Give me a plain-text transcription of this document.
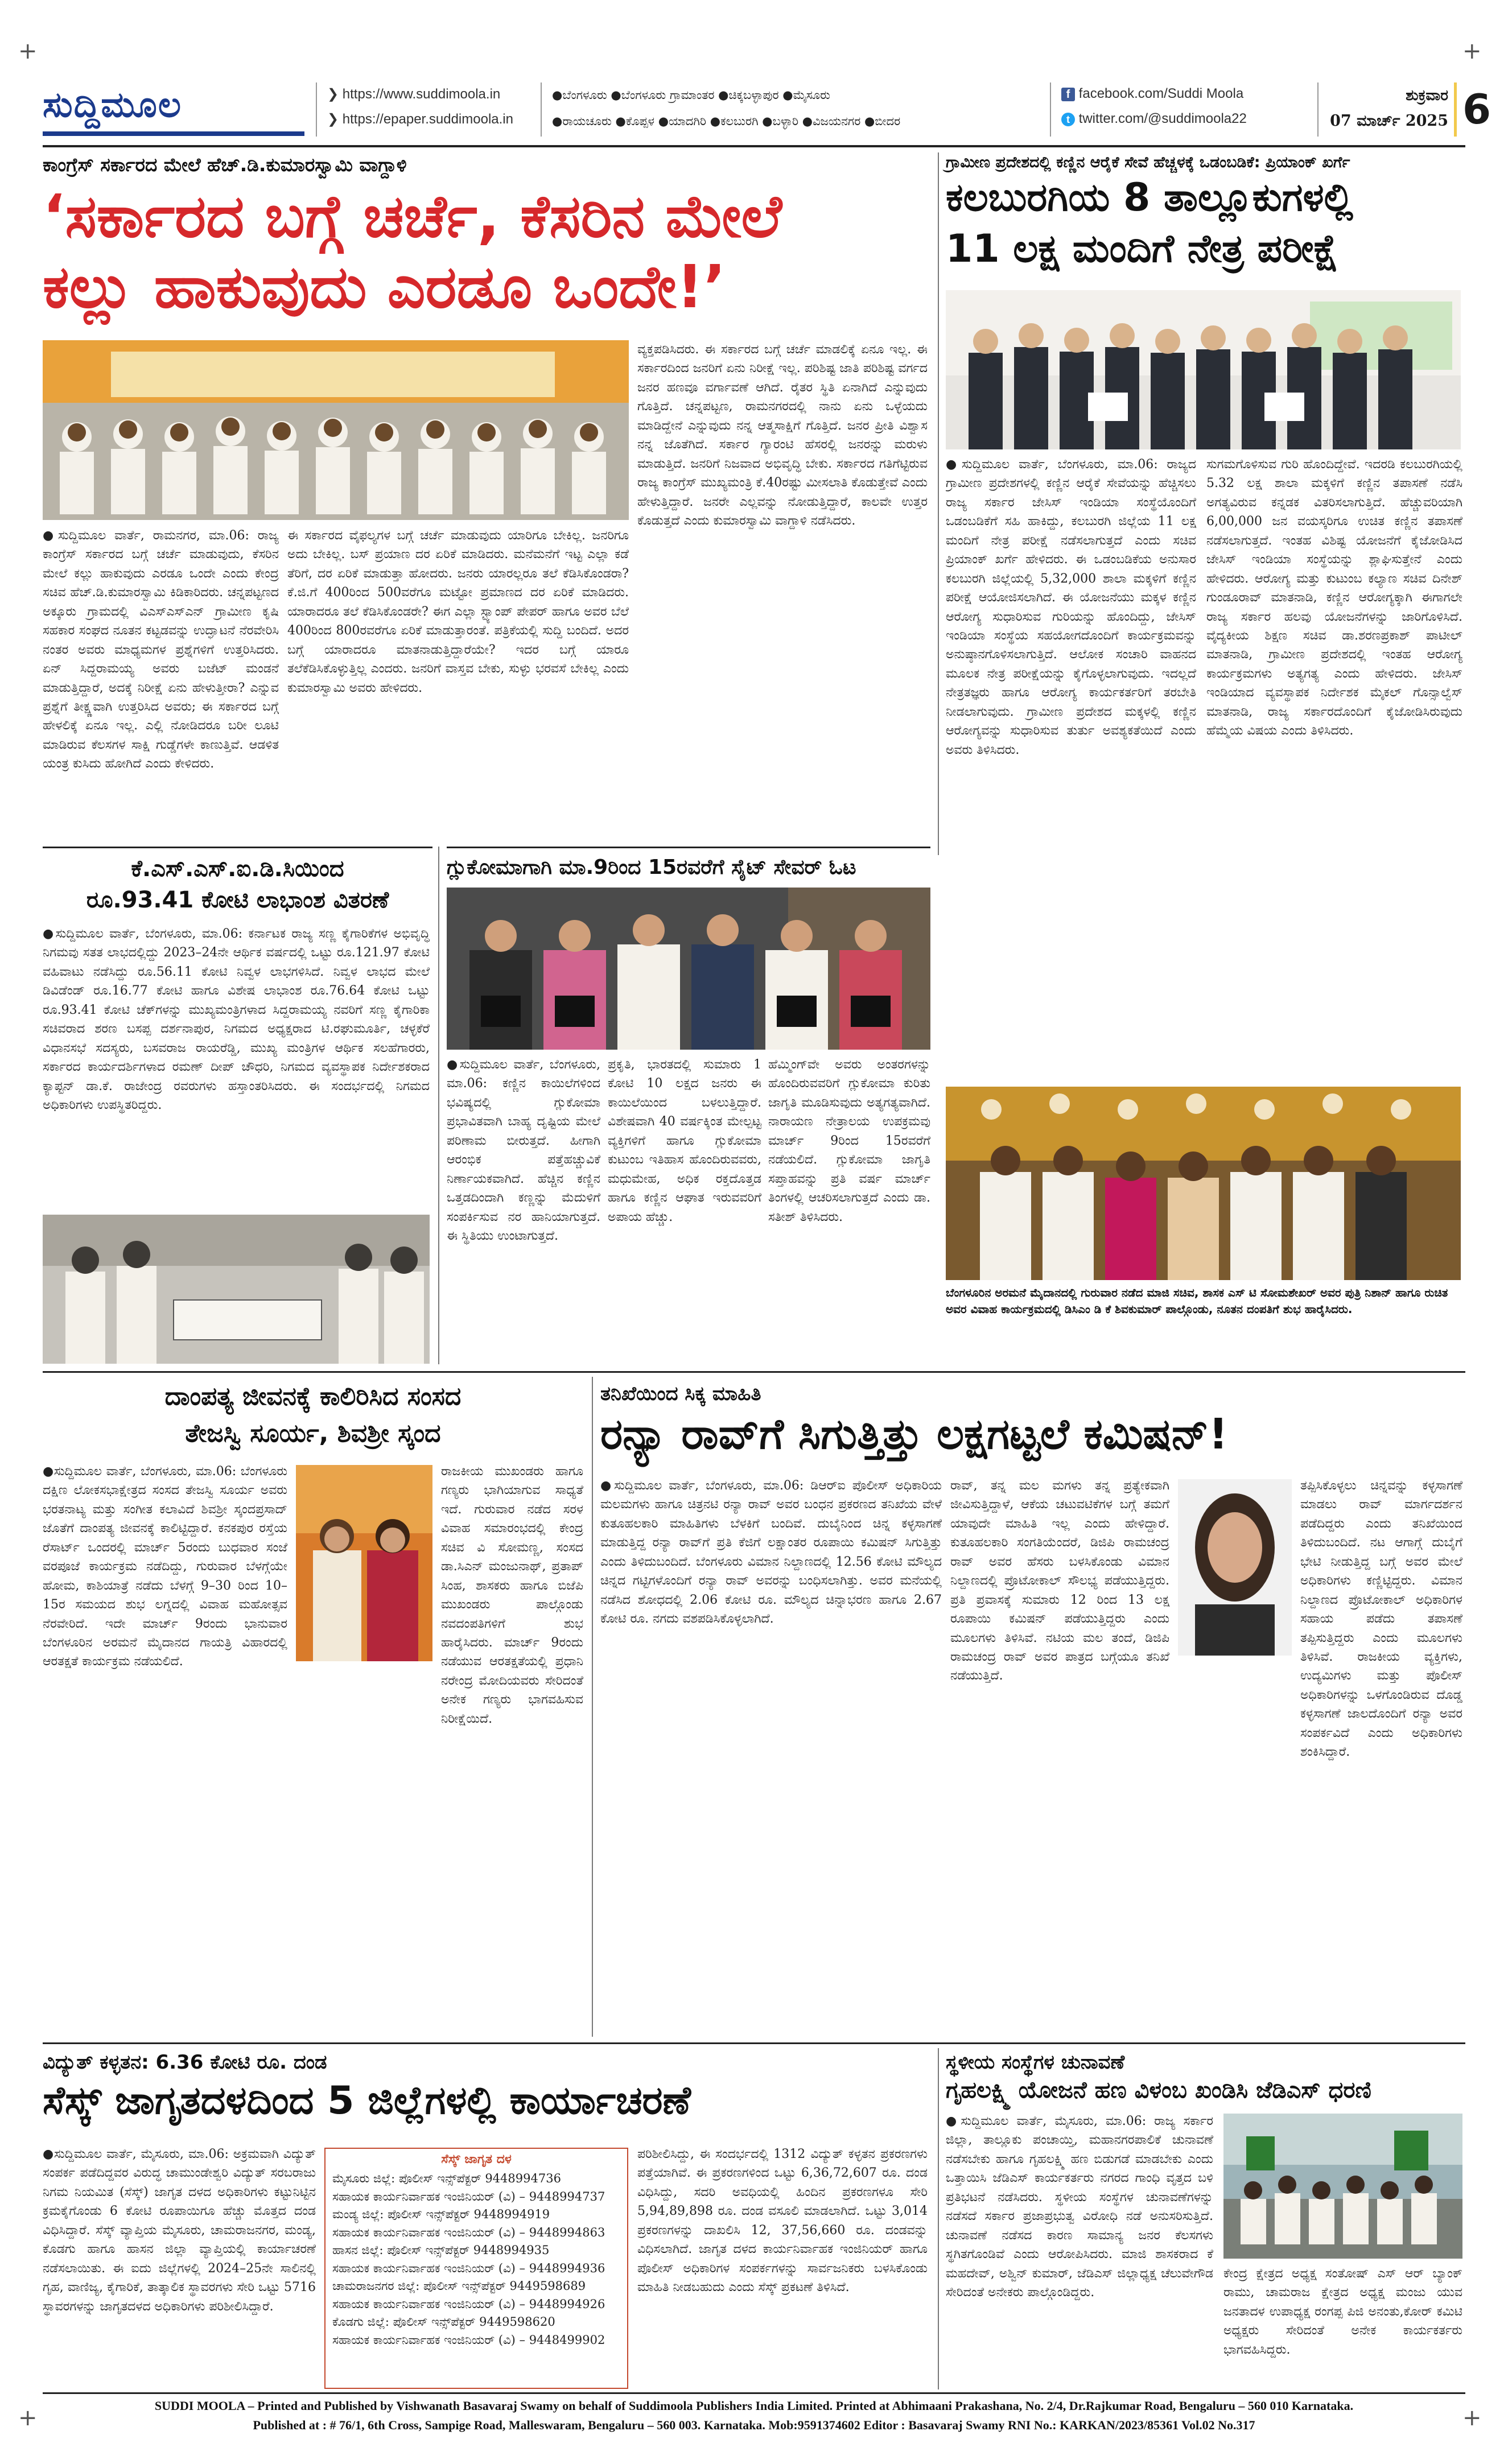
+	+
+	+
ಸುದ್ದಿಮೂಲ	❯ https://www.suddimoola.in
❯ https://epaper.suddimoola.in
●ಬೆಂಗಳೂರು ●ಬೆಂಗಳೂರು ಗ್ರಾಮಾಂತರ ●ಚಿಕ್ಕಬಳ್ಳಾಪುರ ●ಮೈಸೂರು
●ರಾಯಚೂರು ●ಕೊಪ್ಪಳ ●ಯಾದಗಿರಿ ●ಕಲಬುರಗಿ ●ಬಳ್ಳಾರಿ ●ವಿಜಯನಗರ ●ಬೀದರ
f facebook.com/Suddi Moola
t twitter.com/@suddimoola22
ಶುಕ್ರವಾರ
07 ಮಾರ್ಚ್ 2025 6
ಕಾಂಗ್ರೆಸ್ ಸರ್ಕಾರದ ಮೇಲೆ ಹೆಚ್.ಡಿ.ಕುಮಾರಸ್ವಾಮಿ ವಾಗ್ದಾಳಿ
‘ಸರ್ಕಾರದ ಬಗ್ಗೆ ಚರ್ಚೆ, ಕೆಸರಿನ ಮೇಲೆ
ಕಲ್ಲು ಹಾಕುವುದು ಎರಡೂ ಒಂದೇ!’
●ಸುದ್ದಿಮೂಲ ವಾರ್ತೆ, ರಾಮನಗರ, ಮಾ.06: ರಾಜ್ಯ ಕಾಂಗ್ರೆಸ್ ಸರ್ಕಾರದ ಬಗ್ಗೆ ಚರ್ಚೆ ಮಾಡುವುದು, ಕೆಸರಿನ ಮೇಲೆ ಕಲ್ಲು ಹಾಕುವುದು ಎರಡೂ ಒಂದೇ ಎಂದು ಕೇಂದ್ರ ಸಚಿವ ಹೆಚ್.ಡಿ.ಕುಮಾರಸ್ವಾಮಿ ಕಿಡಿಕಾರಿದರು. ಚನ್ನಪಟ್ಟಣದ ಅಕ್ಕೂರು ಗ್ರಾಮದಲ್ಲಿ ವಿಎಸ್‌ಎಸ್‌ಎನ್ ಗ್ರಾಮೀಣ ಕೃಷಿ ಸಹಕಾರ ಸಂಘದ ನೂತನ ಕಟ್ಟಡವನ್ನು ಉದ್ಘಾಟನೆ ನೆರವೇರಿಸಿ ನಂತರ ಅವರು ಮಾಧ್ಯಮಗಳ ಪ್ರಶ್ನೆಗಳಿಗೆ ಉತ್ತರಿಸಿದರು. ಏನ್ ಸಿದ್ದರಾಮಯ್ಯ ಅವರು ಬಜೆಟ್ ಮಂಡನೆ ಮಾಡುತ್ತಿದ್ದಾರೆ, ಅದಕ್ಕೆ ನಿರೀಕ್ಷೆ ಏನು ಹೇಳುತ್ತೀರಾ? ಎನ್ನುವ ಪ್ರಶ್ನೆಗೆ ತೀಕ್ಷ್ಣವಾಗಿ ಉತ್ತರಿಸಿದ ಅವರು; ಈ ಸರ್ಕಾರದ ಬಗ್ಗೆ ಹೇಳಲಿಕ್ಕೆ ಏನೂ ಇಲ್ಲ. ಎಲ್ಲಿ ನೋಡಿದರೂ ಬರೀ ಲೂಟಿ ಮಾಡಿರುವ ಕೆಲಸಗಳ ಸಾಕ್ಷಿ ಗುಡ್ಡೆಗಳೇ ಕಾಣುತ್ತಿವೆ. ಆಡಳಿತ ಯಂತ್ರ ಕುಸಿದು ಹೋಗಿದೆ ಎಂದು ಕೇಳಿದರು.
ಈ ಸರ್ಕಾರದ ವೈಫಲ್ಯಗಳ ಬಗ್ಗೆ ಚರ್ಚೆ ಮಾಡುವುದು ಯಾರಿಗೂ ಬೇಕಿಲ್ಲ. ಜನರಿಗೂ ಅದು ಬೇಕಿಲ್ಲ. ಬಸ್ ಪ್ರಯಾಣ ದರ ಏರಿಕೆ ಮಾಡಿದರು. ಮನೆಮನೆಗೆ ಇಟ್ಟ ಎಲ್ಲಾ ಕಡೆ ತೆರಿಗೆ, ದರ ಏರಿಕೆ ಮಾಡುತ್ತಾ ಹೋದರು. ಜನರು ಯಾರಲ್ಲರೂ ತಲೆ ಕೆಡಿಸಿಕೊಂಡರಾ? ಕೆ.ಜಿ.ಗೆ 400ರಿಂದ 500ವರೆಗೂ ಮಟ್ಟೋ ಪ್ರಮಾಣದ ದರ ಏರಿಕೆ ಮಾಡಿದರು. ಯಾರಾದರೂ ತಲೆ ಕೆಡಿಸಿಕೊಂಡರೇ? ಈಗ ಎಲ್ಲಾ ಸ್ಟ್ಯಾಂಪ್ ಪೇಪರ್ ಹಾಗೂ ಅವರ ಬೆಲೆ 400ರಿಂದ 800ರವರೆಗೂ ಏರಿಕೆ ಮಾಡುತ್ತಾರಂತೆ. ಪತ್ರಿಕೆಯಲ್ಲಿ ಸುದ್ದಿ ಬಂದಿದೆ. ಅದರ ಬಗ್ಗೆ ಯಾರಾದರೂ ಮಾತನಾಡುತ್ತಿದ್ದಾರೆಯೇ? ಇದರ ಬಗ್ಗೆ ಯಾರೂ ತಲೆಕೆಡಿಸಿಕೊಳ್ಳುತ್ತಿಲ್ಲ ಎಂದರು. ಜನರಿಗೆ ವಾಸ್ತವ ಬೇಕು, ಸುಳ್ಳು ಭರವಸೆ ಬೇಕಿಲ್ಲ ಎಂದು ಕುಮಾರಸ್ವಾಮಿ ಅವರು ಹೇಳಿದರು.
ವ್ಯಕ್ತಪಡಿಸಿದರು. ಈ ಸರ್ಕಾರದ ಬಗ್ಗೆ ಚರ್ಚೆ ಮಾಡಲಿಕ್ಕೆ ಏನೂ ಇಲ್ಲ. ಈ ಸರ್ಕಾರದಿಂದ ಜನರಿಗೆ ಏನು ನಿರೀಕ್ಷೆ ಇಲ್ಲ. ಪರಿಶಿಷ್ಟ ಜಾತಿ ಪರಿಶಿಷ್ಟ ವರ್ಗದ ಜನರ ಹಣವೂ ವರ್ಗಾವಣೆ ಆಗಿದೆ. ರೈತರ ಸ್ಥಿತಿ ಏನಾಗಿದೆ ಎನ್ನುವುದು ಗೊತ್ತಿದೆ. ಚನ್ನಪಟ್ಟಣ, ರಾಮನಗರದಲ್ಲಿ ನಾನು ಏನು ಒಳ್ಳೆಯದು ಮಾಡಿದ್ದೇನೆ ಎನ್ನುವುದು ನನ್ನ ಆತ್ಮಸಾಕ್ಷಿಗೆ ಗೊತ್ತಿದೆ. ಜನರ ಪ್ರೀತಿ ವಿಶ್ವಾಸ ನನ್ನ ಜೊತೆಗಿದೆ. ಸರ್ಕಾರ ಗ್ಯಾರಂಟಿ ಹೆಸರಲ್ಲಿ ಜನರನ್ನು ಮರುಳು ಮಾಡುತ್ತಿದೆ. ಜನರಿಗೆ ನಿಜವಾದ ಅಭಿವೃದ್ಧಿ ಬೇಕು. ಸರ್ಕಾರದ ಗತಿಗೆಟ್ಟಿರುವ ರಾಜ್ಯ ಕಾಂಗ್ರೆಸ್ ಮುಖ್ಯಮಂತ್ರಿ ಕೆ.40ರಷ್ಟು ಮೀಸಲಾತಿ ಕೊಡುತ್ತೇವೆ ಎಂದು ಹೇಳುತ್ತಿದ್ದಾರೆ. ಜನರೇ ಎಲ್ಲವನ್ನು ನೋಡುತ್ತಿದ್ದಾರೆ, ಕಾಲವೇ ಉತ್ತರ ಕೊಡುತ್ತದೆ ಎಂದು ಕುಮಾರಸ್ವಾಮಿ ವಾಗ್ದಾಳಿ ನಡೆಸಿದರು.
ಗ್ರಾಮೀಣ ಪ್ರದೇಶದಲ್ಲಿ ಕಣ್ಣಿನ ಆರೈಕೆ ಸೇವೆ ಹೆಚ್ಚಳಕ್ಕೆ ಒಡಂಬಡಿಕೆ: ಪ್ರಿಯಾಂಕ್ ಖರ್ಗೆ
ಕಲಬುರಗಿಯ 8 ತಾಲ್ಲೂಕುಗಳಲ್ಲಿ
11 ಲಕ್ಷ ಮಂದಿಗೆ ನೇತ್ರ ಪರೀಕ್ಷೆ
●ಸುದ್ದಿಮೂಲ ವಾರ್ತೆ, ಬೆಂಗಳೂರು, ಮಾ.06: ರಾಜ್ಯದ ಗ್ರಾಮೀಣ ಪ್ರದೇಶಗಳಲ್ಲಿ ಕಣ್ಣಿನ ಆರೈಕೆ ಸೇವೆಯನ್ನು ಹೆಚ್ಚಿಸಲು ರಾಜ್ಯ ಸರ್ಕಾರ ಜೇಸಿಸ್ ಇಂಡಿಯಾ ಸಂಸ್ಥೆಯೊಂದಿಗೆ ಒಡಂಬಡಿಕೆಗೆ ಸಹಿ ಹಾಕಿದ್ದು, ಕಲಬುರಗಿ ಜಿಲ್ಲೆಯ 11 ಲಕ್ಷ ಮಂದಿಗೆ ನೇತ್ರ ಪರೀಕ್ಷೆ ನಡೆಸಲಾಗುತ್ತದೆ ಎಂದು ಸಚಿವ ಪ್ರಿಯಾಂಕ್ ಖರ್ಗೆ ಹೇಳಿದರು. ಈ ಒಡಂಬಡಿಕೆಯ ಅನುಸಾರ ಕಲಬುರಗಿ ಜಿಲ್ಲೆಯಲ್ಲಿ 5,32,000 ಶಾಲಾ ಮಕ್ಕಳಿಗೆ ಕಣ್ಣಿನ ಪರೀಕ್ಷೆ ಆಯೋಜಿಸಲಾಗಿದೆ. ಈ ಯೋಜನೆಯು ಮಕ್ಕಳ ಕಣ್ಣಿನ ಆರೋಗ್ಯ ಸುಧಾರಿಸುವ ಗುರಿಯನ್ನು ಹೊಂದಿದ್ದು, ಜೇಸಿಸ್ ಇಂಡಿಯಾ ಸಂಸ್ಥೆಯ ಸಹಯೋಗದೊಂದಿಗೆ ಕಾರ್ಯಕ್ರಮವನ್ನು ಅನುಷ್ಠಾನಗೊಳಿಸಲಾಗುತ್ತಿದೆ. ಆಲೋಕ ಸಂಚಾರಿ ವಾಹನದ ಮೂಲಕ ನೇತ್ರ ಪರೀಕ್ಷೆಯನ್ನು ಕೈಗೊಳ್ಳಲಾಗುವುದು. ಇದಲ್ಲದೆ ನೇತ್ರತಜ್ಞರು ಹಾಗೂ ಆರೋಗ್ಯ ಕಾರ್ಯಕರ್ತರಿಗೆ ತರಬೇತಿ ನೀಡಲಾಗುವುದು. ಗ್ರಾಮೀಣ ಪ್ರದೇಶದ ಮಕ್ಕಳಲ್ಲಿ ಕಣ್ಣಿನ ಆರೋಗ್ಯವನ್ನು ಸುಧಾರಿಸುವ ತುರ್ತು ಅವಶ್ಯಕತೆಯಿದೆ ಎಂದು ಅವರು ತಿಳಿಸಿದರು.
ಸುಗಮಗೊಳಿಸುವ ಗುರಿ ಹೊಂದಿದ್ದೇವೆ. ಇದರಡಿ ಕಲಬುರಗಿಯಲ್ಲಿ 5.32 ಲಕ್ಷ ಶಾಲಾ ಮಕ್ಕಳಿಗೆ ಕಣ್ಣಿನ ತಪಾಸಣೆ ನಡೆಸಿ ಅಗತ್ಯವಿರುವ ಕನ್ನಡಕ ವಿತರಿಸಲಾಗುತ್ತಿದೆ. ಹೆಚ್ಚುವರಿಯಾಗಿ 6,00,000 ಜನ ವಯಸ್ಕರಿಗೂ ಉಚಿತ ಕಣ್ಣಿನ ತಪಾಸಣೆ ನಡೆಸಲಾಗುತ್ತದೆ. ಇಂತಹ ವಿಶಿಷ್ಟ ಯೋಜನೆಗೆ ಕೈಜೋಡಿಸಿದ ಜೇಸಿಸ್ ಇಂಡಿಯಾ ಸಂಸ್ಥೆಯನ್ನು ಶ್ಲಾಘಿಸುತ್ತೇನೆ ಎಂದು ಹೇಳಿದರು. ಆರೋಗ್ಯ ಮತ್ತು ಕುಟುಂಬ ಕಲ್ಯಾಣ ಸಚಿವ ದಿನೇಶ್ ಗುಂಡೂರಾವ್ ಮಾತನಾಡಿ, ಕಣ್ಣಿನ ಆರೋಗ್ಯಕ್ಕಾಗಿ ಈಗಾಗಲೇ ರಾಜ್ಯ ಸರ್ಕಾರ ಹಲವು ಯೋಜನೆಗಳನ್ನು ಜಾರಿಗೊಳಿಸಿದೆ. ವೈದ್ಯಕೀಯ ಶಿಕ್ಷಣ ಸಚಿವ ಡಾ.ಶರಣಪ್ರಕಾಶ್ ಪಾಟೀಲ್ ಮಾತನಾಡಿ, ಗ್ರಾಮೀಣ ಪ್ರದೇಶದಲ್ಲಿ ಇಂತಹ ಆರೋಗ್ಯ ಕಾರ್ಯಕ್ರಮಗಳು ಅತ್ಯಗತ್ಯ ಎಂದು ಹೇಳಿದರು. ಜೇಸಿಸ್ ಇಂಡಿಯಾದ ವ್ಯವಸ್ಥಾಪಕ ನಿರ್ದೇಶಕ ಮೈಕಲ್ ಗೊನ್ಸಾಲ್ವೆಸ್ ಮಾತನಾಡಿ, ರಾಜ್ಯ ಸರ್ಕಾರದೊಂದಿಗೆ ಕೈಜೋಡಿಸಿರುವುದು ಹೆಮ್ಮೆಯ ವಿಷಯ ಎಂದು ತಿಳಿಸಿದರು.
ಬೆಂಗಳೂರಿನ ಅರಮನೆ ಮೈದಾನದಲ್ಲಿ ಗುರುವಾರ ನಡೆದ ಮಾಜಿ ಸಚಿವ, ಶಾಸಕ ಎಸ್ ಟಿ ಸೋಮಶೇಖರ್ ಅವರ ಪುತ್ರಿ ನಿಶಾನ್ ಹಾಗೂ ರುಚಿತ ಅವರ ವಿವಾಹ ಕಾರ್ಯಕ್ರಮದಲ್ಲಿ ಡಿಸಿಎಂ ಡಿ ಕೆ ಶಿವಕುಮಾರ್ ಪಾಲ್ಗೊಂಡು, ನೂತನ ದಂಪತಿಗೆ ಶುಭ ಹಾರೈಸಿದರು.
ಕೆ.ಎಸ್.ಎಸ್.ಐ.ಡಿ.ಸಿಯಿಂದ
ರೂ.93.41 ಕೋಟಿ ಲಾಭಾಂಶ ವಿತರಣೆ
●ಸುದ್ದಿಮೂಲ ವಾರ್ತೆ, ಬೆಂಗಳೂರು, ಮಾ.06: ಕರ್ನಾಟಕ ರಾಜ್ಯ ಸಣ್ಣ ಕೈಗಾರಿಕೆಗಳ ಅಭಿವೃದ್ಧಿ ನಿಗಮವು ಸತತ ಲಾಭದಲ್ಲಿದ್ದು 2023–24ನೇ ಆರ್ಥಿಕ ವರ್ಷದಲ್ಲಿ ಒಟ್ಟು ರೂ.121.97 ಕೋಟಿ ವಹಿವಾಟು ನಡೆಸಿದ್ದು ರೂ.56.11 ಕೋಟಿ ನಿವ್ವಳ ಲಾಭಗಳಿಸಿದೆ. ನಿವ್ವಳ ಲಾಭದ ಮೇಲೆ ಡಿವಿಡೆಂಡ್ ರೂ.16.77 ಕೋಟಿ ಹಾಗೂ ವಿಶೇಷ ಲಾಭಾಂಶ ರೂ.76.64 ಕೋಟಿ ಒಟ್ಟು ರೂ.93.41 ಕೋಟಿ ಚೆಕ್‌ಗಳನ್ನು ಮುಖ್ಯಮಂತ್ರಿಗಳಾದ ಸಿದ್ದರಾಮಯ್ಯ ನವರಿಗೆ ಸಣ್ಣ ಕೈಗಾರಿಕಾ ಸಚಿವರಾದ ಶರಣ ಬಸಪ್ಪ ದರ್ಶನಾಪುರ, ನಿಗಮದ ಅಧ್ಯಕ್ಷರಾದ ಟಿ.ರಘುಮೂರ್ತಿ, ಚಳ್ಳಕೆರೆ ವಿಧಾನಸಭೆ ಸದಸ್ಯರು, ಬಸವರಾಜ ರಾಯರೆಡ್ಡಿ, ಮುಖ್ಯ ಮಂತ್ರಿಗಳ ಆರ್ಥಿಕ ಸಲಹೆಗಾರರು, ಸರ್ಕಾರದ ಕಾರ್ಯದರ್ಶಿಗಳಾದ ರಮಣ್ ದೀಪ್ ಚೌಧರಿ, ನಿಗಮದ ವ್ಯವಸ್ಥಾಪಕ ನಿರ್ದೇಶಕರಾದ ಕ್ಯಾಪ್ಟನ್ ಡಾ.ಕೆ. ರಾಜೇಂದ್ರ ರವರುಗಳು ಹಸ್ತಾಂತರಿಸಿದರು. ಈ ಸಂದರ್ಭದಲ್ಲಿ ನಿಗಮದ ಅಧಿಕಾರಿಗಳು ಉಪಸ್ಥಿತರಿದ್ದರು.
ಗ್ಲುಕೋಮಾಗಾಗಿ ಮಾ.9ರಿಂದ 15ರವರೆಗೆ ಸೈಟ್ ಸೇವರ್ ಓಟ
●ಸುದ್ದಿಮೂಲ ವಾರ್ತೆ, ಬೆಂಗಳೂರು, ಮಾ.06: ಕಣ್ಣಿನ ಕಾಯಿಲೆಗಳಿಂದ ಭವಿಷ್ಯದಲ್ಲಿ ಗ್ಲುಕೋಮಾ ಪ್ರಭಾವಿತವಾಗಿ ಬಾಹ್ಯ ದೃಷ್ಟಿಯ ಮೇಲೆ ಪರಿಣಾಮ ಬೀರುತ್ತದೆ. ಹೀಗಾಗಿ ಆರಂಭಿಕ ಪತ್ತೆಹಚ್ಚುವಿಕೆ ನಿರ್ಣಾಯಕವಾಗಿದೆ. ಹೆಚ್ಚಿನ ಕಣ್ಣಿನ ಒತ್ತಡದಿಂದಾಗಿ ಕಣ್ಣನ್ನು ಮೆದುಳಿಗೆ ಸಂಪರ್ಕಿಸುವ ನರ ಹಾನಿಯಾಗುತ್ತದೆ. ಈ ಸ್ಥಿತಿಯು ಉಂಟಾಗುತ್ತದೆ.
ಪ್ರಕೃತಿ, ಭಾರತದಲ್ಲಿ ಸುಮಾರು 1 ಕೋಟಿ 10 ಲಕ್ಷದ ಜನರು ಈ ಕಾಯಿಲೆಯಿಂದ ಬಳಲುತ್ತಿದ್ದಾರೆ. ವಿಶೇಷವಾಗಿ 40 ವರ್ಷಕ್ಕಿಂತ ಮೇಲ್ಪಟ್ಟ ವ್ಯಕ್ತಿಗಳಿಗೆ ಹಾಗೂ ಗ್ಲುಕೋಮಾ ಕುಟುಂಬ ಇತಿಹಾಸ ಹೊಂದಿರುವವರು, ಮಧುಮೇಹ, ಅಧಿಕ ರಕ್ತದೊತ್ತಡ ಹಾಗೂ ಕಣ್ಣಿನ ಆಘಾತ ಇರುವವರಿಗೆ ಅಪಾಯ ಹೆಚ್ಚು.
ಹೆಮ್ಮಿಂಗ್‌ವೇ ಅವರು ಅಂತರಗಳನ್ನು ಹೊಂದಿರುವವರಿಗೆ ಗ್ಲುಕೋಮಾ ಕುರಿತು ಜಾಗೃತಿ ಮೂಡಿಸುವುದು ಅತ್ಯಗತ್ಯವಾಗಿದೆ. ನಾರಾಯಣ ನೇತ್ರಾಲಯ ಉಪಕ್ರಮವು ಮಾರ್ಚ್ 9ರಿಂದ 15ರವರೆಗೆ ನಡೆಯಲಿದೆ. ಗ್ಲುಕೋಮಾ ಜಾಗೃತಿ ಸಪ್ತಾಹವನ್ನು ಪ್ರತಿ ವರ್ಷ ಮಾರ್ಚ್ ತಿಂಗಳಲ್ಲಿ ಆಚರಿಸಲಾಗುತ್ತದೆ ಎಂದು ಡಾ. ಸತೀಶ್ ತಿಳಿಸಿದರು.
ದಾಂಪತ್ಯ ಜೀವನಕ್ಕೆ ಕಾಲಿರಿಸಿದ ಸಂಸದ
ತೇಜಸ್ವಿ ಸೂರ್ಯ, ಶಿವಶ್ರೀ ಸ್ಕಂದ
●ಸುದ್ದಿಮೂಲ ವಾರ್ತೆ, ಬೆಂಗಳೂರು, ಮಾ.06: ಬೆಂಗಳೂರು ದಕ್ಷಿಣ ಲೋಕಸಭಾಕ್ಷೇತ್ರದ ಸಂಸದ ತೇಜಸ್ವಿ ಸೂರ್ಯ ಅವರು ಭರತನಾಟ್ಯ ಮತ್ತು ಸಂಗೀತ ಕಲಾವಿದೆ ಶಿವಶ್ರೀ ಸ್ಕಂದಪ್ರಸಾದ್ ಜೊತೆಗೆ ದಾಂಪತ್ಯ ಜೀವನಕ್ಕೆ ಕಾಲಿಟ್ಟಿದ್ದಾರೆ. ಕನಕಪುರ ರಸ್ತೆಯ ರೆಸಾರ್ಟ್ ಒಂದರಲ್ಲಿ ಮಾರ್ಚ್ 5ರಂದು ಬುಧವಾರ ಸಂಜೆ ವರಪೂಜೆ ಕಾರ್ಯಕ್ರಮ ನಡೆದಿದ್ದು, ಗುರುವಾರ ಬೆಳಗ್ಗೆಯೇ ಹೋಮ, ಕಾಶಿಯಾತ್ರೆ ನಡೆದು ಬೆಳಗ್ಗೆ 9–30 ರಿಂದ 10–15ರ ಸಮಯದ ಶುಭ ಲಗ್ನದಲ್ಲಿ ವಿವಾಹ ಮಹೋತ್ಸವ ನೆರವೇರಿದೆ. ಇದೇ ಮಾರ್ಚ್ 9ರಂದು ಭಾನುವಾರ ಬೆಂಗಳೂರಿನ ಅರಮನೆ ಮೈದಾನದ ಗಾಯತ್ರಿ ವಿಹಾರದಲ್ಲಿ ಆರತಕ್ಷತೆ ಕಾರ್ಯಕ್ರಮ ನಡೆಯಲಿದೆ.
ರಾಜಕೀಯ ಮುಖಂಡರು ಹಾಗೂ ಗಣ್ಯರು ಭಾಗಿಯಾಗುವ ಸಾಧ್ಯತೆ ಇದೆ. ಗುರುವಾರ ನಡೆದ ಸರಳ ವಿವಾಹ ಸಮಾರಂಭದಲ್ಲಿ ಕೇಂದ್ರ ಸಚಿವ ವಿ ಸೋಮಣ್ಣ, ಸಂಸದ ಡಾ.ಸಿಎನ್ ಮಂಜುನಾಥ್, ಪ್ರತಾಪ್ ಸಿಂಹ, ಶಾಸಕರು ಹಾಗೂ ಬಿಜೆಪಿ ಮುಖಂಡರು ಪಾಲ್ಗೊಂಡು ನವದಂಪತಿಗಳಿಗೆ ಶುಭ ಹಾರೈಸಿದರು. ಮಾರ್ಚ್ 9ರಂದು ನಡೆಯುವ ಆರತಕ್ಷತೆಯಲ್ಲಿ ಪ್ರಧಾನಿ ನರೇಂದ್ರ ಮೋದಿಯವರು ಸೇರಿದಂತೆ ಅನೇಕ ಗಣ್ಯರು ಭಾಗವಹಿಸುವ ನಿರೀಕ್ಷೆಯಿದೆ.
ತನಿಖೆಯಿಂದ ಸಿಕ್ಕ ಮಾಹಿತಿ
ರನ್ಯಾ ರಾವ್‌ಗೆ ಸಿಗುತ್ತಿತ್ತು ಲಕ್ಷಗಟ್ಟಲೆ ಕಮಿಷನ್!
●ಸುದ್ದಿಮೂಲ ವಾರ್ತೆ, ಬೆಂಗಳೂರು, ಮಾ.06: ಡಿಆರ್‌ಐ ಪೊಲೀಸ್ ಅಧಿಕಾರಿಯ ಮಲಮಗಳು ಹಾಗೂ ಚಿತ್ರನಟಿ ರನ್ಯಾ ರಾವ್ ಅವರ ಬಂಧನ ಪ್ರಕರಣದ ತನಿಖೆಯ ವೇಳೆ ಕುತೂಹಲಕಾರಿ ಮಾಹಿತಿಗಳು ಬೆಳಕಿಗೆ ಬಂದಿವೆ. ದುಬೈನಿಂದ ಚಿನ್ನ ಕಳ್ಳಸಾಗಣೆ ಮಾಡುತ್ತಿದ್ದ ರನ್ಯಾ ರಾವ್‌ಗೆ ಪ್ರತಿ ಕೆಜಿಗೆ ಲಕ್ಷಾಂತರ ರೂಪಾಯಿ ಕಮಿಷನ್ ಸಿಗುತ್ತಿತ್ತು ಎಂದು ತಿಳಿದುಬಂದಿದೆ. ಬೆಂಗಳೂರು ವಿಮಾನ ನಿಲ್ದಾಣದಲ್ಲಿ 12.56 ಕೋಟಿ ಮೌಲ್ಯದ ಚಿನ್ನದ ಗಟ್ಟಿಗಳೊಂದಿಗೆ ರನ್ಯಾ ರಾವ್ ಅವರನ್ನು ಬಂಧಿಸಲಾಗಿತ್ತು. ಅವರ ಮನೆಯಲ್ಲಿ ನಡೆಸಿದ ಶೋಧದಲ್ಲಿ 2.06 ಕೋಟಿ ರೂ. ಮೌಲ್ಯದ ಚಿನ್ನಾಭರಣ ಹಾಗೂ 2.67 ಕೋಟಿ ರೂ. ನಗದು ವಶಪಡಿಸಿಕೊಳ್ಳಲಾಗಿದೆ.
ರಾವ್, ತನ್ನ ಮಲ ಮಗಳು ತನ್ನ ಪ್ರತ್ಯೇಕವಾಗಿ ಜೀವಿಸುತ್ತಿದ್ದಾಳೆ, ಆಕೆಯ ಚಟುವಟಿಕೆಗಳ ಬಗ್ಗೆ ತಮಗೆ ಯಾವುದೇ ಮಾಹಿತಿ ಇಲ್ಲ ಎಂದು ಹೇಳಿದ್ದಾರೆ. ಕುತೂಹಲಕಾರಿ ಸಂಗತಿಯೆಂದರೆ, ಡಿಜಿಪಿ ರಾಮಚಂದ್ರ ರಾವ್ ಅವರ ಹೆಸರು ಬಳಸಿಕೊಂಡು ವಿಮಾನ ನಿಲ್ದಾಣದಲ್ಲಿ ಪ್ರೊಟೋಕಾಲ್ ಸೌಲಭ್ಯ ಪಡೆಯುತ್ತಿದ್ದರು. ಪ್ರತಿ ಪ್ರವಾಸಕ್ಕೆ ಸುಮಾರು 12 ರಿಂದ 13 ಲಕ್ಷ ರೂಪಾಯಿ ಕಮಿಷನ್ ಪಡೆಯುತ್ತಿದ್ದರು ಎಂದು ಮೂಲಗಳು ತಿಳಿಸಿವೆ. ನಟಿಯ ಮಲ ತಂದೆ, ಡಿಜಿಪಿ ರಾಮಚಂದ್ರ ರಾವ್ ಅವರ ಪಾತ್ರದ ಬಗ್ಗೆಯೂ ತನಿಖೆ ನಡೆಯುತ್ತಿದೆ.
ತಪ್ಪಿಸಿಕೊಳ್ಳಲು ಚಿನ್ನವನ್ನು ಕಳ್ಳಸಾಗಣೆ ಮಾಡಲು ರಾವ್ ಮಾರ್ಗದರ್ಶನ ಪಡೆದಿದ್ದರು ಎಂದು ತನಿಖೆಯಿಂದ ತಿಳಿದುಬಂದಿದೆ. ನಟ ಆಗಾಗ್ಗೆ ದುಬೈಗೆ ಭೇಟಿ ನೀಡುತ್ತಿದ್ದ ಬಗ್ಗೆ ಅವರ ಮೇಲೆ ಅಧಿಕಾರಿಗಳು ಕಣ್ಣಿಟ್ಟಿದ್ದರು. ವಿಮಾನ ನಿಲ್ದಾಣದ ಪ್ರೊಟೋಕಾಲ್ ಅಧಿಕಾರಿಗಳ ಸಹಾಯ ಪಡೆದು ತಪಾಸಣೆ ತಪ್ಪಿಸುತ್ತಿದ್ದರು ಎಂದು ಮೂಲಗಳು ತಿಳಿಸಿವೆ. ರಾಜಕೀಯ ವ್ಯಕ್ತಿಗಳು, ಉದ್ಯಮಿಗಳು ಮತ್ತು ಪೊಲೀಸ್ ಅಧಿಕಾರಿಗಳನ್ನು ಒಳಗೊಂಡಿರುವ ದೊಡ್ಡ ಕಳ್ಳಸಾಗಣೆ ಜಾಲದೊಂದಿಗೆ ರನ್ಯಾ ಅವರ ಸಂಪರ್ಕವಿದೆ ಎಂದು ಅಧಿಕಾರಿಗಳು ಶಂಕಿಸಿದ್ದಾರೆ.
ವಿದ್ಯುತ್ ಕಳ್ಳತನ: 6.36 ಕೋಟಿ ರೂ. ದಂಡ
ಸೆಸ್ಕ್ ಜಾಗೃತದಳದಿಂದ 5 ಜಿಲ್ಲೆಗಳಲ್ಲಿ ಕಾರ್ಯಾಚರಣೆ
●ಸುದ್ದಿಮೂಲ ವಾರ್ತೆ, ಮೈಸೂರು, ಮಾ.06: ಅಕ್ರಮವಾಗಿ ವಿದ್ಯುತ್ ಸಂಪರ್ಕ ಪಡೆದಿದ್ದವರ ವಿರುದ್ಧ ಚಾಮುಂಡೇಶ್ವರಿ ವಿದ್ಯುತ್ ಸರಬರಾಜು ನಿಗಮ ನಿಯಮಿತ (ಸೆಸ್ಕ್) ಜಾಗೃತ ದಳದ ಅಧಿಕಾರಿಗಳು ಕಟ್ಟುನಿಟ್ಟಿನ ಕ್ರಮಕೈಗೊಂಡು 6 ಕೋಟಿ ರೂಪಾಯಿಗೂ ಹೆಚ್ಚು ಮೊತ್ತದ ದಂಡ ವಿಧಿಸಿದ್ದಾರೆ. ಸೆಸ್ಕ್ ವ್ಯಾಪ್ತಿಯ ಮೈಸೂರು, ಚಾಮರಾಜನಗರ, ಮಂಡ್ಯ, ಕೊಡಗು ಹಾಗೂ ಹಾಸನ ಜಿಲ್ಲಾ ವ್ಯಾಪ್ತಿಯಲ್ಲಿ ಕಾರ್ಯಾಚರಣೆ ನಡೆಸಲಾಯಿತು. ಈ ಐದು ಜಿಲ್ಲೆಗಳಲ್ಲಿ 2024–25ನೇ ಸಾಲಿನಲ್ಲಿ ಗೃಹ, ವಾಣಿಜ್ಯ, ಕೈಗಾರಿಕೆ, ತಾತ್ಕಾಲಿಕ ಸ್ಥಾವರಗಳು ಸೇರಿ ಒಟ್ಟು 5716 ಸ್ಥಾವರಗಳನ್ನು ಜಾಗೃತದಳದ ಅಧಿಕಾರಿಗಳು ಪರಿಶೀಲಿಸಿದ್ದಾರೆ.
ಸೆಸ್ಕ್ ಜಾಗೃತ ದಳ
ಮೈಸೂರು ಜಿಲ್ಲೆ: ಪೊಲೀಸ್ ಇನ್ಸ್‌ಪೆಕ್ಟರ್ 9448994736
ಸಹಾಯಕ ಕಾರ್ಯನಿರ್ವಾಹಕ ಇಂಜಿನಿಯರ್ (ವಿ) – 9448994737
ಮಂಡ್ಯ ಜಿಲ್ಲೆ: ಪೊಲೀಸ್ ಇನ್ಸ್‌ಪೆಕ್ಟರ್ 9448994919
ಸಹಾಯಕ ಕಾರ್ಯನಿರ್ವಾಹಕ ಇಂಜಿನಿಯರ್ (ವಿ) – 9448994863
ಹಾಸನ ಜಿಲ್ಲೆ: ಪೊಲೀಸ್ ಇನ್ಸ್‌ಪೆಕ್ಟರ್ 9448994935
ಸಹಾಯಕ ಕಾರ್ಯನಿರ್ವಾಹಕ ಇಂಜಿನಿಯರ್ (ವಿ) – 9448994936
ಚಾಮರಾಜನಗರ ಜಿಲ್ಲೆ: ಪೊಲೀಸ್ ಇನ್ಸ್‌ಪೆಕ್ಟರ್ 9449598689
ಸಹಾಯಕ ಕಾರ್ಯನಿರ್ವಾಹಕ ಇಂಜಿನಿಯರ್ (ವಿ) – 9448994926
ಕೊಡಗು ಜಿಲ್ಲೆ: ಪೊಲೀಸ್ ಇನ್ಸ್‌ಪೆಕ್ಟರ್ 9449598620
ಸಹಾಯಕ ಕಾರ್ಯನಿರ್ವಾಹಕ ಇಂಜಿನಿಯರ್ (ವಿ) – 9448499902
ಪರಿಶೀಲಿಸಿದ್ದು, ಈ ಸಂದರ್ಭದಲ್ಲಿ 1312 ವಿದ್ಯುತ್ ಕಳ್ಳತನ ಪ್ರಕರಣಗಳು ಪತ್ತೆಯಾಗಿವೆ. ಈ ಪ್ರಕರಣಗಳಿಂದ ಒಟ್ಟು 6,36,72,607 ರೂ. ದಂಡ ವಿಧಿಸಿದ್ದು, ಸದರಿ ಅವಧಿಯಲ್ಲಿ ಹಿಂದಿನ ಪ್ರಕರಣಗಳೂ ಸೇರಿ 5,94,89,898 ರೂ. ದಂಡ ವಸೂಲಿ ಮಾಡಲಾಗಿದೆ. ಒಟ್ಟು 3,014 ಪ್ರಕರಣಗಳನ್ನು ದಾಖಲಿಸಿ 12, 37,56,660 ರೂ. ದಂಡವನ್ನು ವಿಧಿಸಲಾಗಿದೆ. ಜಾಗೃತ ದಳದ ಕಾರ್ಯನಿರ್ವಾಹಕ ಇಂಜಿನಿಯರ್ ಹಾಗೂ ಪೊಲೀಸ್ ಅಧಿಕಾರಿಗಳ ಸಂಪರ್ಕಗಳನ್ನು ಸಾರ್ವಜನಿಕರು ಬಳಸಿಕೊಂಡು ಮಾಹಿತಿ ನೀಡಬಹುದು ಎಂದು ಸೆಸ್ಕ್ ಪ್ರಕಟಣೆ ತಿಳಿಸಿದೆ.
ಸ್ಥಳೀಯ ಸಂಸ್ಥೆಗಳ ಚುನಾವಣೆ
ಗೃಹಲಕ್ಷ್ಮಿ ಯೋಜನೆ ಹಣ ವಿಳಂಬ ಖಂಡಿಸಿ ಜೆಡಿಎಸ್ ಧರಣಿ
●ಸುದ್ದಿಮೂಲ ವಾರ್ತೆ, ಮೈಸೂರು, ಮಾ.06: ರಾಜ್ಯ ಸರ್ಕಾರ ಜಿಲ್ಲಾ, ತಾಲ್ಲೂಕು ಪಂಚಾಯ್ತಿ, ಮಹಾನಗರಪಾಲಿಕೆ ಚುನಾವಣೆ ನಡೆಸಬೇಕು ಹಾಗೂ ಗೃಹಲಕ್ಷ್ಮಿ ಹಣ ಬಿಡುಗಡೆ ಮಾಡಬೇಕು ಎಂದು ಒತ್ತಾಯಿಸಿ ಜೆಡಿಎಸ್ ಕಾರ್ಯಕರ್ತರು ನಗರದ ಗಾಂಧಿ ವೃತ್ತದ ಬಳಿ ಪ್ರತಿಭಟನೆ ನಡೆಸಿದರು. ಸ್ಥಳೀಯ ಸಂಸ್ಥೆಗಳ ಚುನಾವಣೆಗಳನ್ನು ನಡೆಸದೆ ಸರ್ಕಾರ ಪ್ರಜಾಪ್ರಭುತ್ವ ವಿರೋಧಿ ನಡೆ ಅನುಸರಿಸುತ್ತಿದೆ. ಚುನಾವಣೆ ನಡೆಸದ ಕಾರಣ ಸಾಮಾನ್ಯ ಜನರ ಕೆಲಸಗಳು ಸ್ಥಗಿತಗೊಂಡಿವೆ ಎಂದು ಆರೋಪಿಸಿದರು. ಮಾಜಿ ಶಾಸಕರಾದ ಕೆ ಮಹದೇವ್, ಅಶ್ವಿನ್ ಕುಮಾರ್, ಜೆಡಿಎಸ್ ಜಿಲ್ಲಾಧ್ಯಕ್ಷ ಚೆಲುವೇಗೌಡ ಸೇರಿದಂತೆ ಅನೇಕರು ಪಾಲ್ಗೊಂಡಿದ್ದರು.
ಕೇಂದ್ರ ಕ್ಷೇತ್ರದ ಅಧ್ಯಕ್ಷ ಸಂತೋಷ್ ಎಸ್ ಆರ್ ಬ್ಯಾಂಕ್ ರಾಮು, ಚಾಮರಾಜ ಕ್ಷೇತ್ರದ ಅಧ್ಯಕ್ಷ ಮಂಜು ಯುವ ಜನತಾದಳ ಉಪಾಧ್ಯಕ್ಷ ರಂಗಪ್ಪ ಪಿಜಿ ಅನಂತು,ಕೋರ್ ಕಮಿಟಿ ಅಧ್ಯಕ್ಷರು ಸೇರಿದಂತೆ ಅನೇಕ ಕಾರ್ಯಕರ್ತರು ಭಾಗವಹಿಸಿದ್ದರು.
SUDDI MOOLA – Printed and Published by Vishwanath Basavaraj Swamy on behalf of Suddimoola Publishers India Limited. Printed at Abhimaani Prakashana, No. 2/4, Dr.Rajkumar Road, Bengaluru – 560 010 Karnataka.
Published at : # 76/1, 6th Cross, Sampige Road, Malleswaram, Bengaluru – 560 003. Karnataka. Mob:9591374602 Editor : Basavaraj Swamy RNI No.: KARKAN/2023/85361 Vol.02 No.317
